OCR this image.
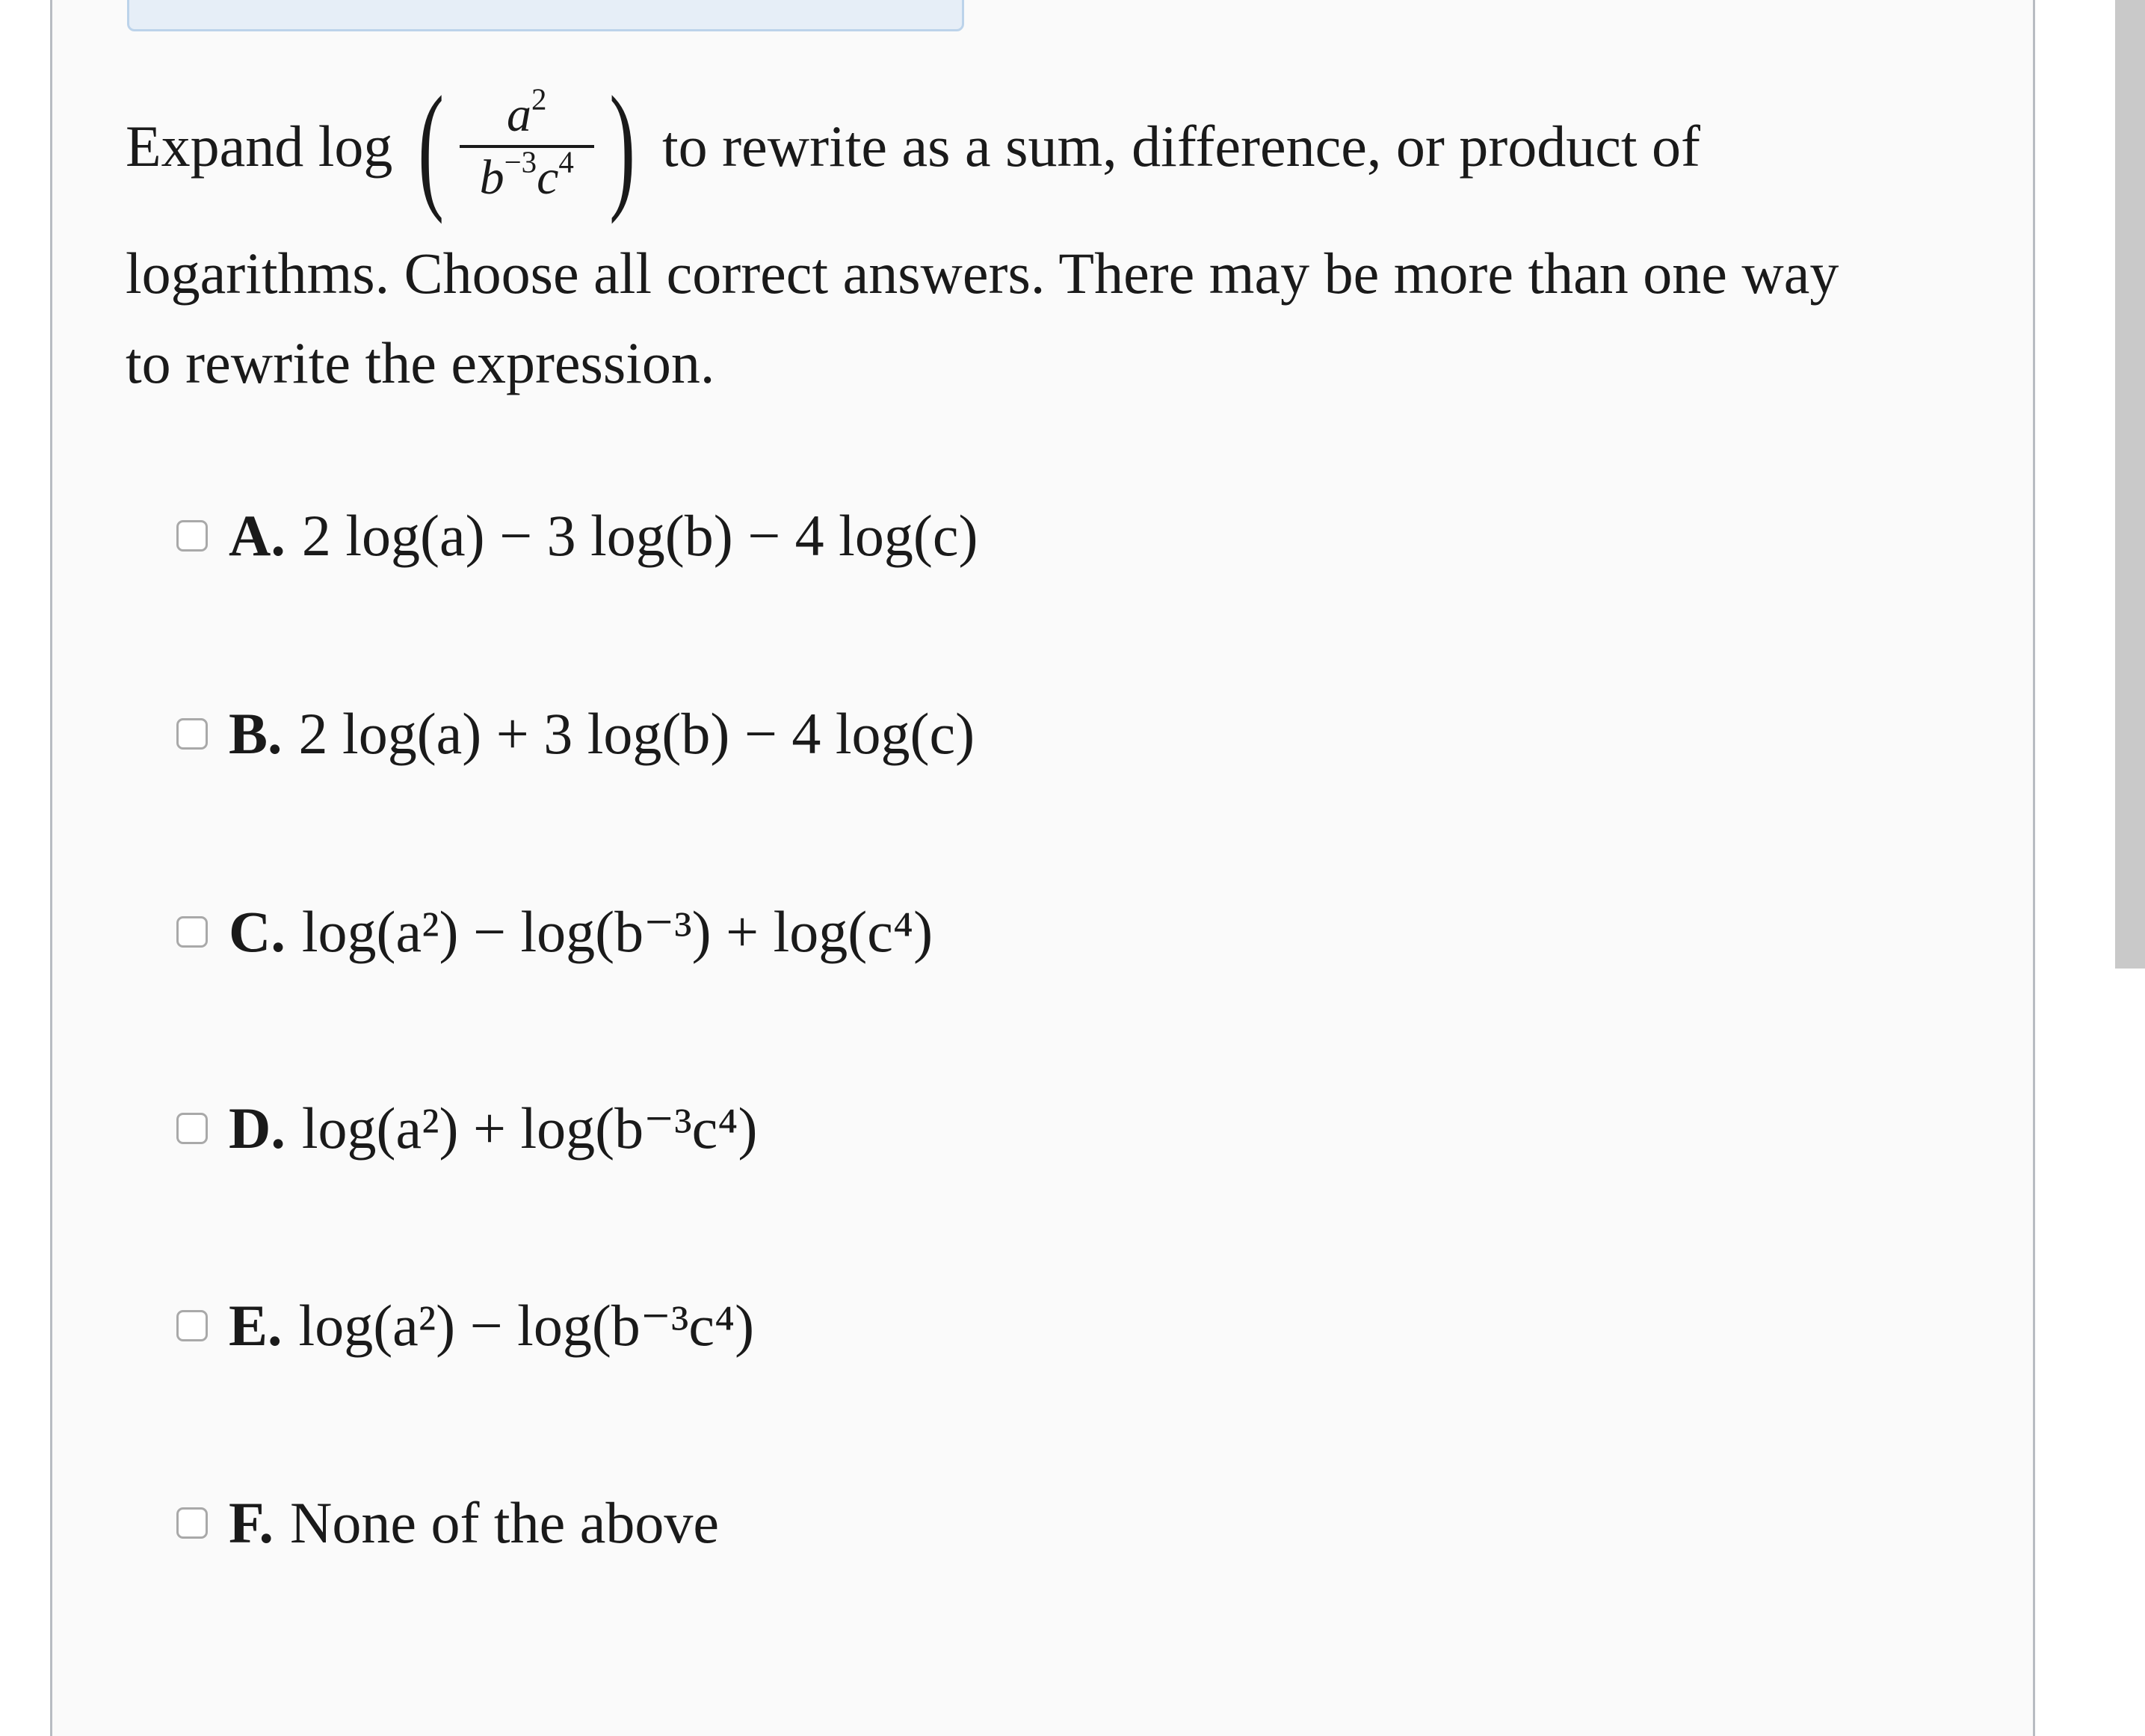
Expand log ( $\frac{a^2}{b^{-3}c^4}$ ) to rewrite as a sum, difference, or product of
logarithms. Choose all correct answers. There may be more than one way
to rewrite the expression.
A. 2 log(a) − 3 log(b) − 4 log(c)
B. 2 log(a) + 3 log(b) − 4 log(c)
C. log(a²) − log(b⁻³) + log(c⁴)
D. log(a²) + log(b⁻³c⁴)
E. log(a²) − log(b⁻³c⁴)
F. None of the above
